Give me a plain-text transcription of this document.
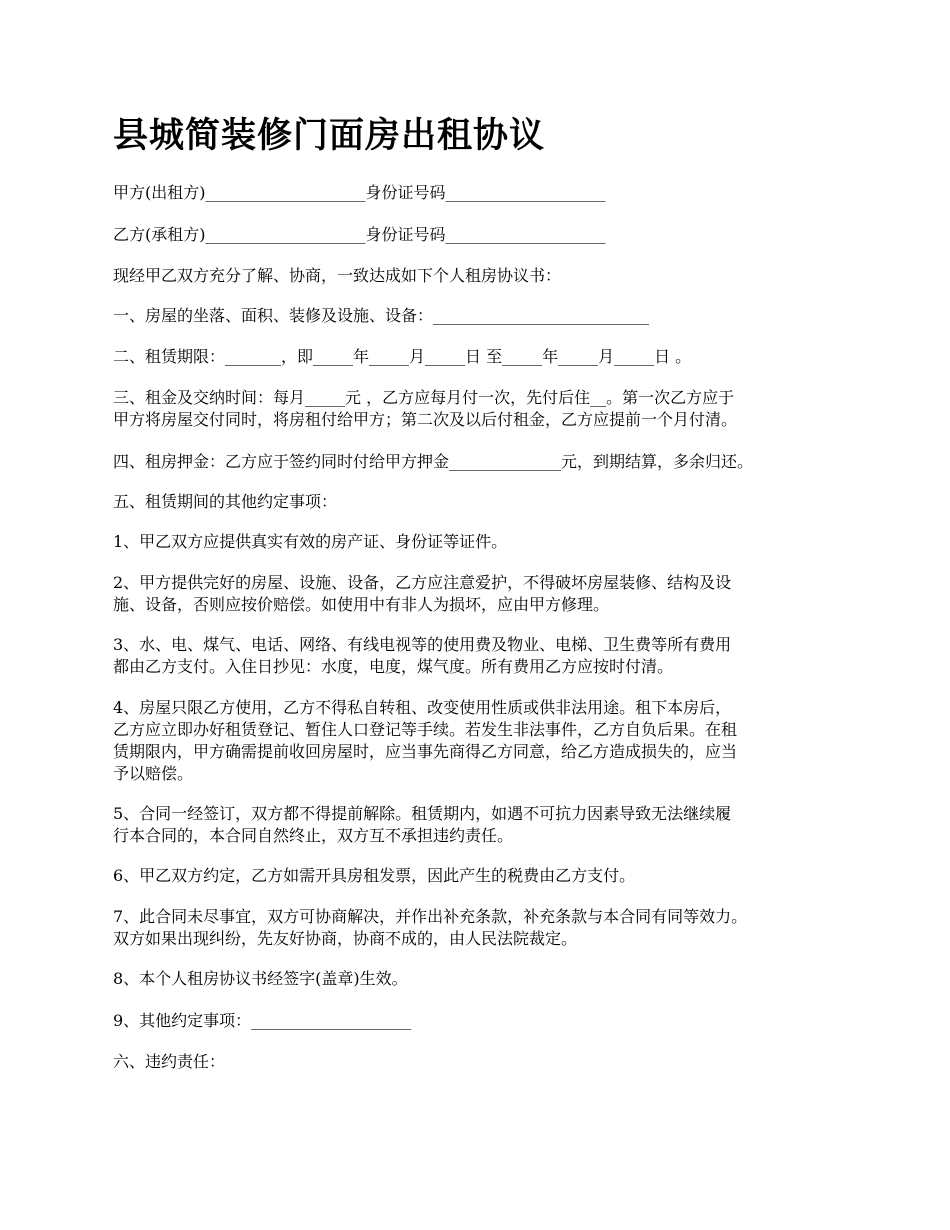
县城简装修门面房出租协议

甲方(出租方)____________________身份证号码____________________

乙方(承租方)____________________身份证号码____________________

现经甲乙双方充分了解、协商，一致达成如下个人租房协议书：

一、房屋的坐落、面积、装修及设施、设备：___________________________

二、租赁期限：_______，即_____年_____月_____日 至_____年_____月_____日 。

三、租金及交纳时间：每月_____元 ，乙方应每月付一次，先付后住__。第一次乙方应于
甲方将房屋交付同时，将房租付给甲方；第二次及以后付租金，乙方应提前一个月付清。

四、租房押金：乙方应于签约同时付给甲方押金______________元，到期结算，多余归还。

五、租赁期间的其他约定事项：

1、甲乙双方应提供真实有效的房产证、身份证等证件。

2、甲方提供完好的房屋、设施、设备，乙方应注意爱护，不得破坏房屋装修、结构及设
施、设备，否则应按价赔偿。如使用中有非人为损坏，应由甲方修理。

3、水、电、煤气、电话、网络、有线电视等的使用费及物业、电梯、卫生费等所有费用
都由乙方支付。入住日抄见：水度，电度，煤气度。所有费用乙方应按时付清。

4、房屋只限乙方使用，乙方不得私自转租、改变使用性质或供非法用途。租下本房后，
乙方应立即办好租赁登记、暂住人口登记等手续。若发生非法事件，乙方自负后果。在租
赁期限内，甲方确需提前收回房屋时，应当事先商得乙方同意，给乙方造成损失的，应当
予以赔偿。

5、合同一经签订，双方都不得提前解除。租赁期内，如遇不可抗力因素导致无法继续履
行本合同的，本合同自然终止，双方互不承担违约责任。

6、甲乙双方约定，乙方如需开具房租发票，因此产生的税费由乙方支付。

7、此合同未尽事宜，双方可协商解决，并作出补充条款，补充条款与本合同有同等效力。
双方如果出现纠纷，先友好协商，协商不成的，由人民法院裁定。

8、本个人租房协议书经签字(盖章)生效。

9、其他约定事项：____________________

六、违约责任：
